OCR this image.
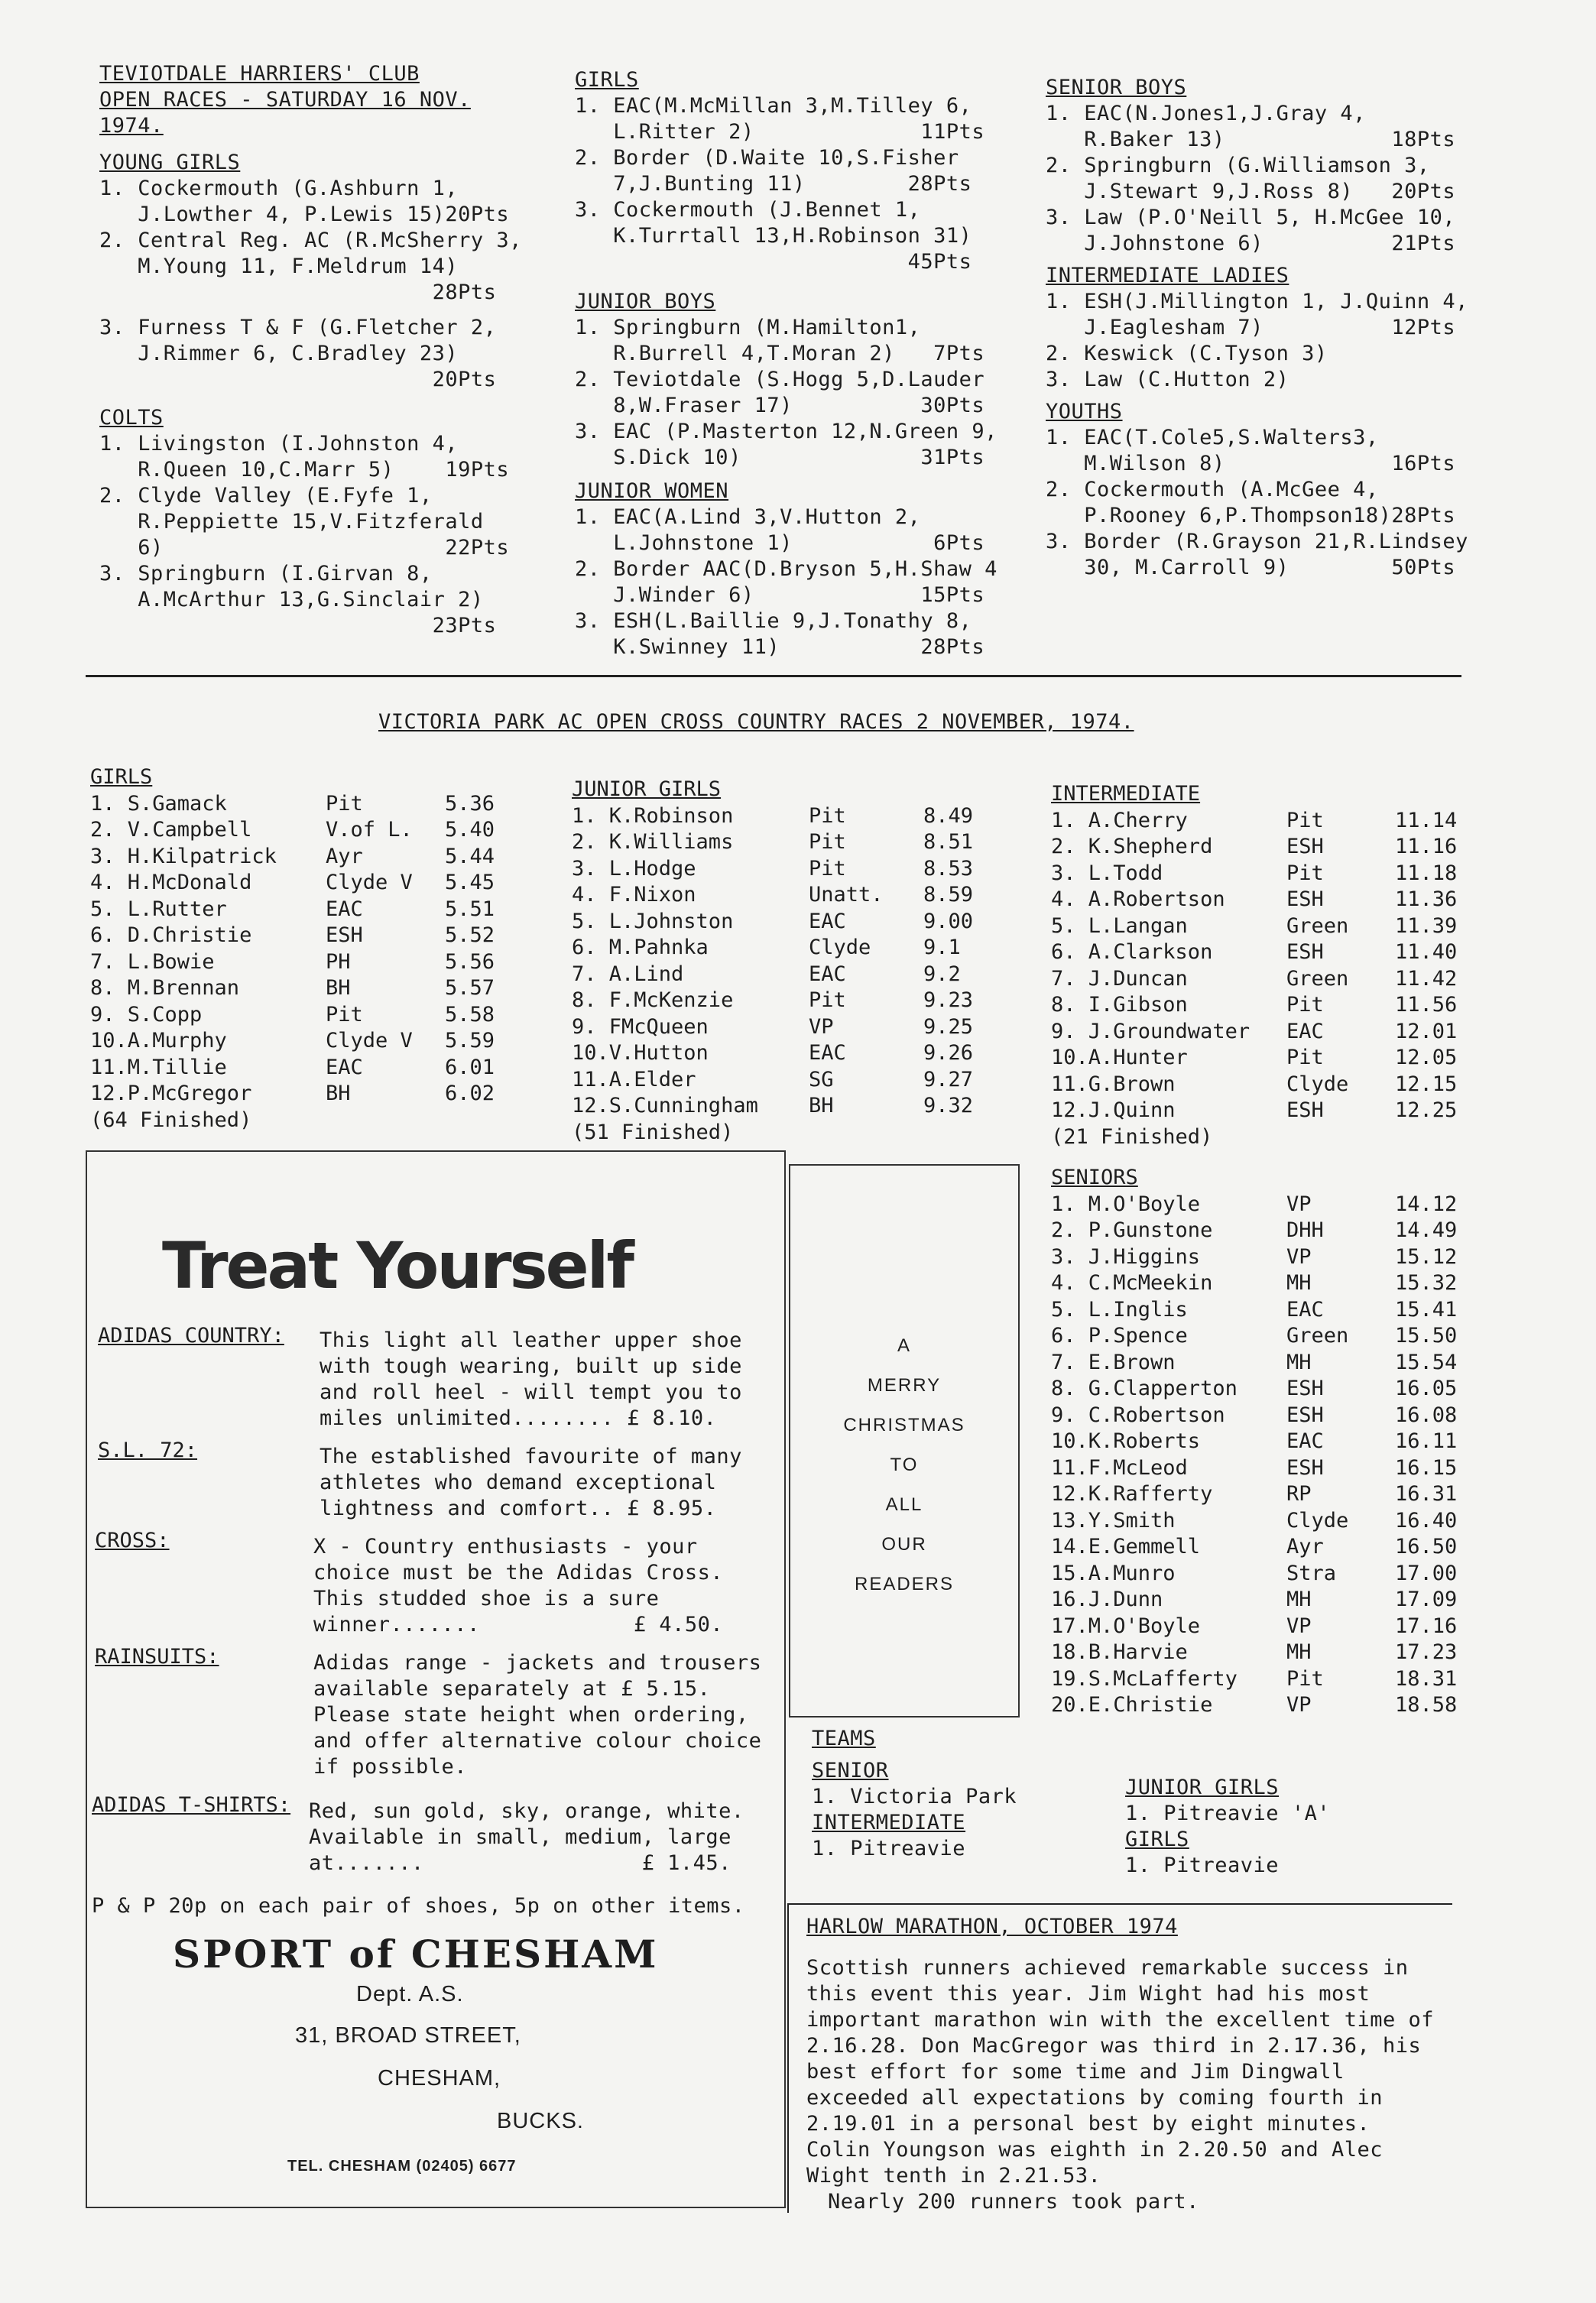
TEVIOTDALE HARRIERS' CLUB
OPEN RACES - SATURDAY 16 NOV.
1974.
YOUNG GIRLS
1. Cockermouth (G.Ashburn 1,
J.Lowther 4, P.Lewis 15)20Pts
2. Central Reg. AC (R.McSherry 3,
M.Young 11, F.Meldrum 14)
28Pts
3. Furness T & F (G.Fletcher 2,
J.Rimmer 6, C.Bradley 23)
20Pts
COLTS
1. Livingston (I.Johnston 4,
R.Queen 10,C.Marr 5)    19Pts
2. Clyde Valley (E.Fyfe 1,
R.Peppiette 15,V.Fitzferald
6)                      22Pts
3. Springburn (I.Girvan 8,
A.McArthur 13,G.Sinclair 2)
23Pts
GIRLS
1. EAC(M.McMillan 3,M.Tilley 6,
L.Ritter 2)             11Pts
2. Border (D.Waite 10,S.Fisher
7,J.Bunting 11)        28Pts
3. Cockermouth (J.Bennet 1,
K.Turrtall 13,H.Robinson 31)
45Pts
JUNIOR BOYS
1. Springburn (M.Hamilton1,
R.Burrell 4,T.Moran 2)   7Pts
2. Teviotdale (S.Hogg 5,D.Lauder
8,W.Fraser 17)          30Pts
3. EAC (P.Masterton 12,N.Green 9,
S.Dick 10)              31Pts
JUNIOR WOMEN
1. EAC(A.Lind 3,V.Hutton 2,
L.Johnstone 1)           6Pts
2. Border AAC(D.Bryson 5,H.Shaw 4
J.Winder 6)             15Pts
3. ESH(L.Baillie 9,J.Tonathy 8,
K.Swinney 11)           28Pts
SENIOR BOYS
1. EAC(N.Jones1,J.Gray 4,
R.Baker 13)             18Pts
2. Springburn (G.Williamson 3,
J.Stewart 9,J.Ross 8)   20Pts
3. Law (P.O'Neill 5, H.McGee 10,
J.Johnstone 6)          21Pts
INTERMEDIATE LADIES
1. ESH(J.Millington 1, J.Quinn 4,
J.Eaglesham 7)          12Pts
2. Keswick (C.Tyson 3)
3. Law (C.Hutton 2)
YOUTHS
1. EAC(T.Cole5,S.Walters3,
M.Wilson 8)             16Pts
2. Cockermouth (A.McGee 4,
P.Rooney 6,P.Thompson18)28Pts
3. Border (R.Grayson 21,R.Lindsey
30, M.Carroll 9)        50Pts
VICTORIA PARK AC OPEN CROSS COUNTRY RACES 2 NOVEMBER, 1974.
GIRLS
1. S.Gamack	Pit	5.36
2. V.Campbell	V.of L. 5.40
3. H.Kilpatrick Ayr	5.44
4. H.McDonald	Clyde V 5.45
5. L.Rutter	EAC	5.51
6. D.Christie	ESH	5.52
7. L.Bowie	PH	5.56
8. M.Brennan	BH	5.57
9. S.Copp	Pit	5.58
10.A.Murphy	Clyde V 5.59
11.M.Tillie	EAC	6.01
12.P.McGregor	BH	6.02
(64 Finished)
JUNIOR GIRLS
1. K.Robinson	Pit	8.49
2. K.Williams	Pit	8.51
3. L.Hodge	Pit	8.53
4. F.Nixon	Unatt. 8.59
5. L.Johnston	EAC	9.00
6. M.Pahnka	Clyde	9.1
7. A.Lind	EAC	9.2
8. F.McKenzie	Pit	9.23
9. FMcQueen	VP	9.25
10.V.Hutton	EAC	9.26
11.A.Elder	SG	9.27
12.S.Cunningham BH	9.32
(51 Finished)
INTERMEDIATE
1. A.Cherry	Pit	11.14
2. K.Shepherd	ESH	11.16
3. L.Todd	Pit	11.18
4. A.Robertson	ESH	11.36
5. L.Langan	Green 11.39
6. A.Clarkson	ESH	11.40
7. J.Duncan	Green 11.42
8. I.Gibson	Pit	11.56
9. J.Groundwater EAC	12.01
10.A.Hunter	Pit	12.05
11.G.Brown	Clyde 12.15
12.J.Quinn	ESH	12.25
(21 Finished)
SENIORS
1. M.O'Boyle	VP	14.12
2. P.Gunstone	DHH	14.49
3. J.Higgins	VP	15.12
4. C.McMeekin	MH	15.32
5. L.Inglis	EAC	15.41
6. P.Spence	Green 15.50
7. E.Brown	MH	15.54
8. G.Clapperton ESH	16.05
9. C.Robertson	ESH	16.08
10.K.Roberts	EAC	16.11
11.F.McLeod	ESH	16.15
12.K.Rafferty	RP	16.31
13.Y.Smith	Clyde 16.40
14.E.Gemmell	Ayr	16.50
15.A.Munro	Stra	17.00
16.J.Dunn	MH	17.09
17.M.O'Boyle	VP	17.16
18.B.Harvie	MH	17.23
19.S.McLafferty Pit	18.31
20.E.Christie	VP	18.58
Treat Yourself
ADIDAS COUNTRY: This light all leather upper shoe
with tough wearing, built up side
and roll heel - will tempt you to
miles unlimited........ £ 8.10.
S.L. 72:	The established favourite of many
athletes who demand exceptional
lightness and comfort.. £ 8.95.
CROSS:	X - Country enthusiasts - your
choice must be the Adidas Cross.
This studded shoe is a sure
winner.......            £ 4.50.
RAINSUITS:	Adidas range - jackets and trousers
available separately at £ 5.15.
Please state height when ordering,
and offer alternative colour choice
if possible.
ADIDAS T-SHIRTS: Red, sun gold, sky, orange, white.
Available in small, medium, large
at.......                 £ 1.45.
P & P 20p on each pair of shoes, 5p on other items.
SPORT of CHESHAM
Dept. A.S.
31, BROAD STREET,
CHESHAM,
BUCKS.
TEL. CHESHAM (02405) 6677
A
MERRY
CHRISTMAS
TO
ALL
OUR
READERS
TEAMS
SENIOR
1. Victoria Park
INTERMEDIATE
1. Pitreavie
JUNIOR GIRLS
1. Pitreavie 'A'
GIRLS
1. Pitreavie
HARLOW MARATHON, OCTOBER 1974
Scottish runners achieved remarkable success in
this event this year. Jim Wight had his most
important marathon win with the excellent time of
2.16.28. Don MacGregor was third in 2.17.36, his
best effort for some time and Jim Dingwall
exceeded all expectations by coming fourth in
2.19.01 in a personal best by eight minutes.
Colin Youngson was eighth in 2.20.50 and Alec
Wight tenth in 2.21.53.
Nearly 200 runners took part.
